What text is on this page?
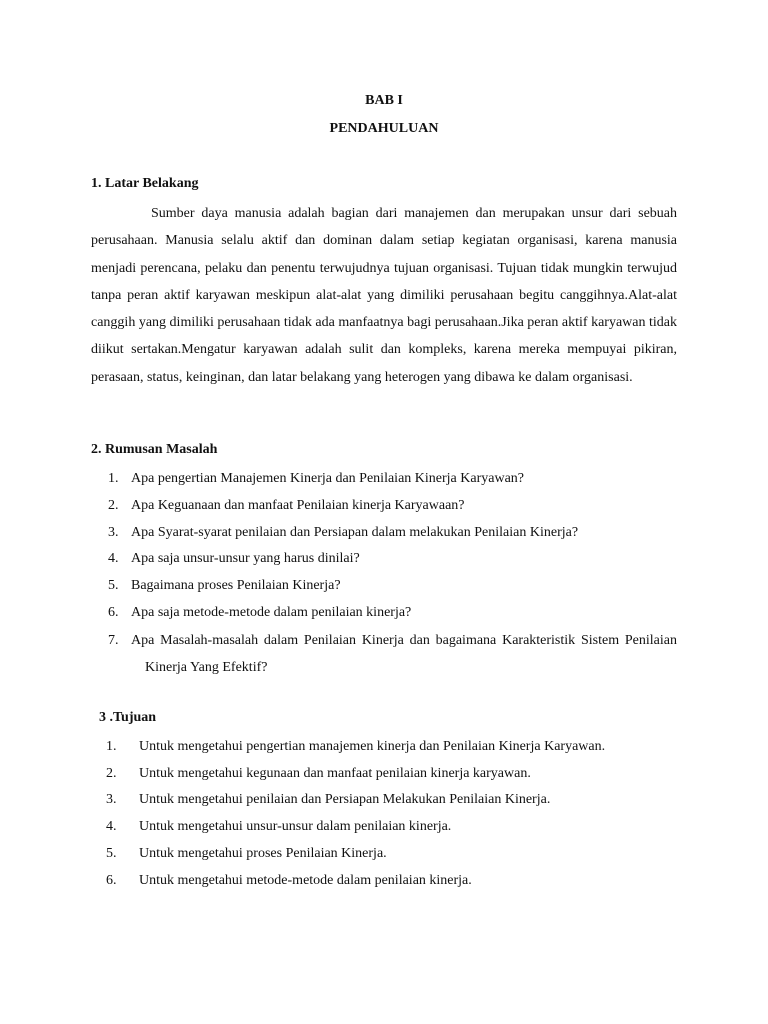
BAB I
PENDAHULUAN
1. Latar Belakang

Sumber daya manusia adalah bagian dari manajemen dan merupakan unsur dari sebuah perusahaan. Manusia selalu aktif dan dominan dalam setiap kegiatan organisasi, karena manusia menjadi perencana, pelaku dan penentu terwujudnya tujuan organisasi. Tujuan tidak mungkin terwujud tanpa peran aktif karyawan meskipun alat-alat yang dimiliki perusahaan begitu canggihnya.Alat-alat canggih yang dimiliki perusahaan tidak ada manfaatnya bagi perusahaan.Jika peran aktif karyawan tidak diikut sertakan.Mengatur karyawan adalah sulit dan kompleks, karena mereka mempuyai pikiran, perasaan, status, keinginan, dan latar belakang yang heterogen yang dibawa ke dalam organisasi.

2. Rumusan Masalah
1. Apa pengertian Manajemen Kinerja dan Penilaian Kinerja Karyawan?
2. Apa Keguanaan dan manfaat Penilaian kinerja Karyawaan?
3. Apa Syarat-syarat penilaian dan Persiapan dalam melakukan Penilaian Kinerja?
4. Apa saja unsur-unsur yang harus dinilai?
5. Bagaimana proses Penilaian Kinerja?
6. Apa saja metode-metode dalam penilaian kinerja?
7. Apa Masalah-masalah dalam Penilaian Kinerja dan bagaimana Karakteristik Sistem Penilaian Kinerja Yang Efektif?
3 .Tujuan
1. Untuk mengetahui pengertian manajemen kinerja dan Penilaian Kinerja Karyawan.
2. Untuk mengetahui kegunaan dan manfaat penilaian kinerja karyawan.
3. Untuk mengetahui penilaian dan Persiapan Melakukan Penilaian Kinerja.
4. Untuk mengetahui unsur-unsur dalam penilaian kinerja.
5. Untuk mengetahui proses Penilaian Kinerja.
6. Untuk mengetahui metode-metode dalam penilaian kinerja.
